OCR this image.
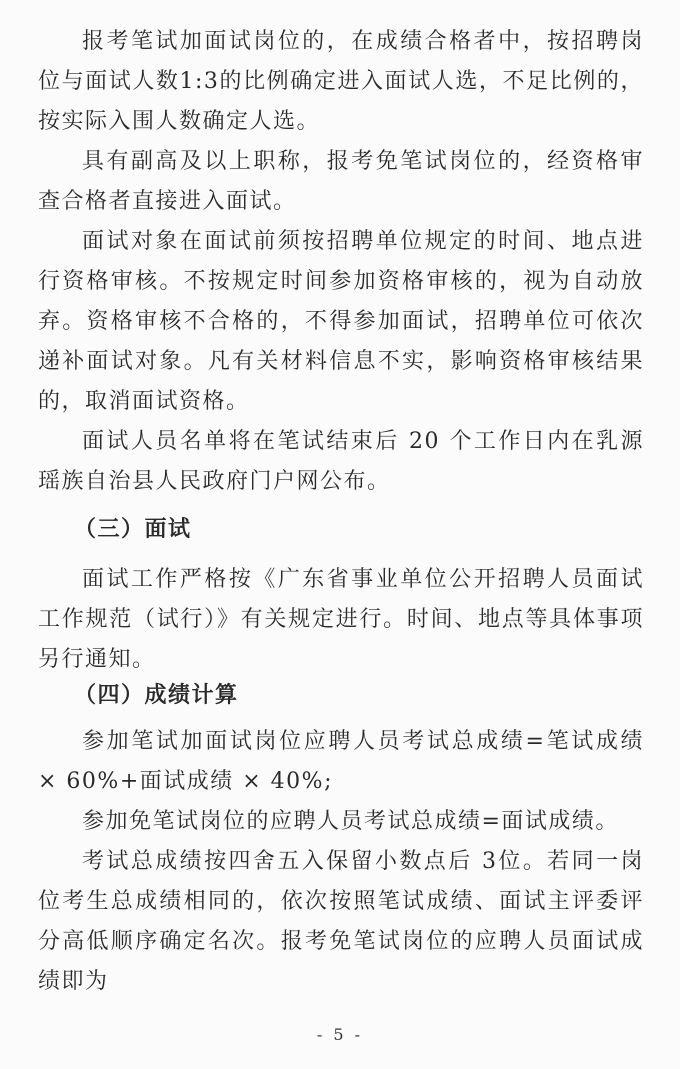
报考笔试加面试岗位的，在成绩合格者中，按招聘岗位与面试人数1:3的比例确定进入面试人选，不足比例的，按实际入围人数确定人选。

具有副高及以上职称，报考免笔试岗位的，经资格审查合格者直接进入面试。

面试对象在面试前须按招聘单位规定的时间、地点进行资格审核。不按规定时间参加资格审核的，视为自动放弃。资格审核不合格的，不得参加面试，招聘单位可依次递补面试对象。凡有关材料信息不实，影响资格审核结果的，取消面试资格。

面试人员名单将在笔试结束后 20 个工作日内在乳源瑶族自治县人民政府门户网公布。

（三）面试

面试工作严格按《广东省事业单位公开招聘人员面试工作规范（试行）》有关规定进行。时间、地点等具体事项另行通知。

（四）成绩计算

参加笔试加面试岗位应聘人员考试总成绩=笔试成绩 × 60%+面试成绩 × 40%;

参加免笔试岗位的应聘人员考试总成绩=面试成绩。

考试总成绩按四舍五入保留小数点后 3位。若同一岗位考生总成绩相同的，依次按照笔试成绩、面试主评委评分高低顺序确定名次。报考免笔试岗位的应聘人员面试成绩即为

- 5 -
